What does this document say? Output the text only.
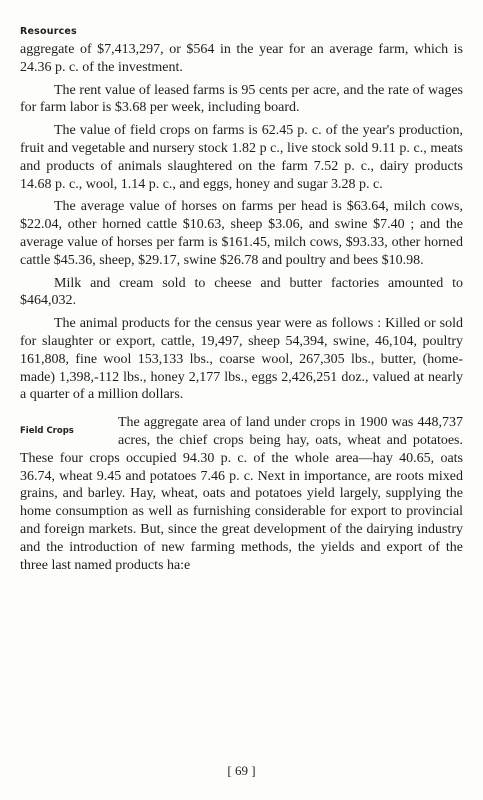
Resources

aggregate of $7,413,297, or $564 in the year for an average farm, which is 24.36 p. c. of the investment.

The rent value of leased farms is 95 cents per acre, and the rate of wages for farm labor is $3.68 per week, including board.

The value of field crops on farms is 62.45 p. c. of the year's production, fruit and vegetable and nursery stock 1.82 p c., live stock sold 9.11 p. c., meats and products of animals slaughtered on the farm 7.52 p. c., dairy products 14.68 p. c., wool, 1.14 p. c., and eggs, honey and sugar 3.28 p. c.

The average value of horses on farms per head is $63.64, milch cows, $22.04, other horned cattle $10.63, sheep $3.06, and swine $7.40 ; and the average value of horses per farm is $161.45, milch cows, $93.33, other horned cattle $45.36, sheep, $29.17, swine $26.78 and poultry and bees $10.98.

Milk and cream sold to cheese and butter factories amounted to $464,032.

The animal products for the census year were as follows : Killed or sold for slaughter or export, cattle, 19,497, sheep 54,394, swine, 46,104, poultry 161,808, fine wool 153,133 lbs., coarse wool, 267,305 lbs., butter, (home-made) 1,398,-112 lbs., honey 2,177 lbs., eggs 2,426,251 doz., valued at nearly a quarter of a million dollars.

Field Crops

The aggregate area of land under crops in 1900 was 448,737 acres, the chief crops being hay, oats, wheat and potatoes. These four crops occupied 94.30 p. c. of the whole area—hay 40.65, oats 36.74, wheat 9.45 and potatoes 7.46 p. c. Next in importance, are roots mixed grains, and barley. Hay, wheat, oats and potatoes yield largely, supplying the home consumption as well as furnishing considerable for export to provincial and foreign markets. But, since the great development of the dairying industry and the introduction of new farming methods, the yields and export of the three last named products ha:e

[ 69 ]
